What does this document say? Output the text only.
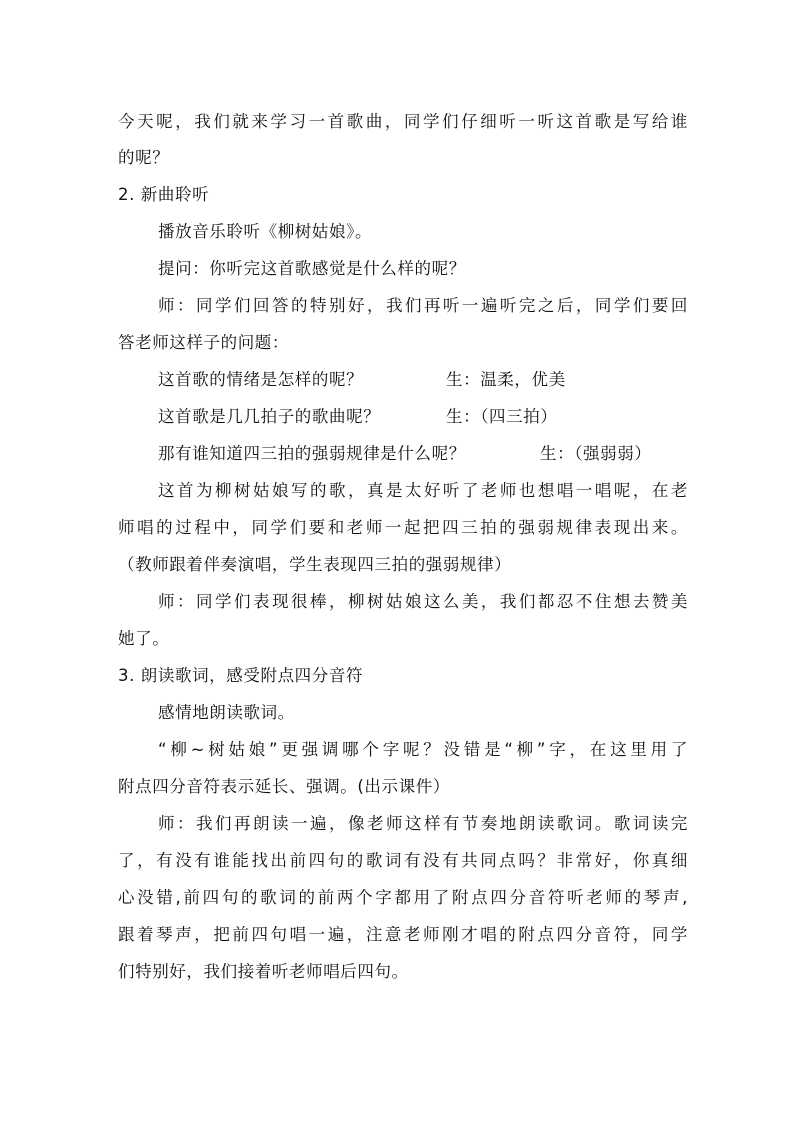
今天呢，我们就来学习一首歌曲，同学们仔细听一听这首歌是写给谁
的呢？
2. 新曲聆听
播放音乐聆听《柳树姑娘》。
提问：你听完这首歌感觉是什么样的呢？
师：同学们回答的特别好，我们再听一遍听完之后，同学们要回
答老师这样子的问题：
这首歌的情绪是怎样的呢？	生：温柔，优美
这首歌是几几拍子的歌曲呢？	生：（四三拍）
那有谁知道四三拍的强弱规律是什么呢？	生：（强弱弱）
这首为柳树姑娘写的歌，真是太好听了老师也想唱一唱呢，在老
师唱的过程中，同学们要和老师一起把四三拍的强弱规律表现出来。
（教师跟着伴奏演唱，学生表现四三拍的强弱规律）
师：同学们表现很棒，柳树姑娘这么美，我们都忍不住想去赞美
她了。
3. 朗读歌词，感受附点四分音符
感情地朗读歌词。
“柳~树姑娘”更强调哪个字呢？没错是“柳”字，在这里用了
附点四分音符表示延长、强调。(出示课件）
师：我们再朗读一遍，像老师这样有节奏地朗读歌词。歌词读完
了，有没有谁能找出前四句的歌词有没有共同点吗？非常好，你真细
心没错,前四句的歌词的前两个字都用了附点四分音符听老师的琴声,
跟着琴声，把前四句唱一遍，注意老师刚才唱的附点四分音符，同学
们特别好，我们接着听老师唱后四句。
